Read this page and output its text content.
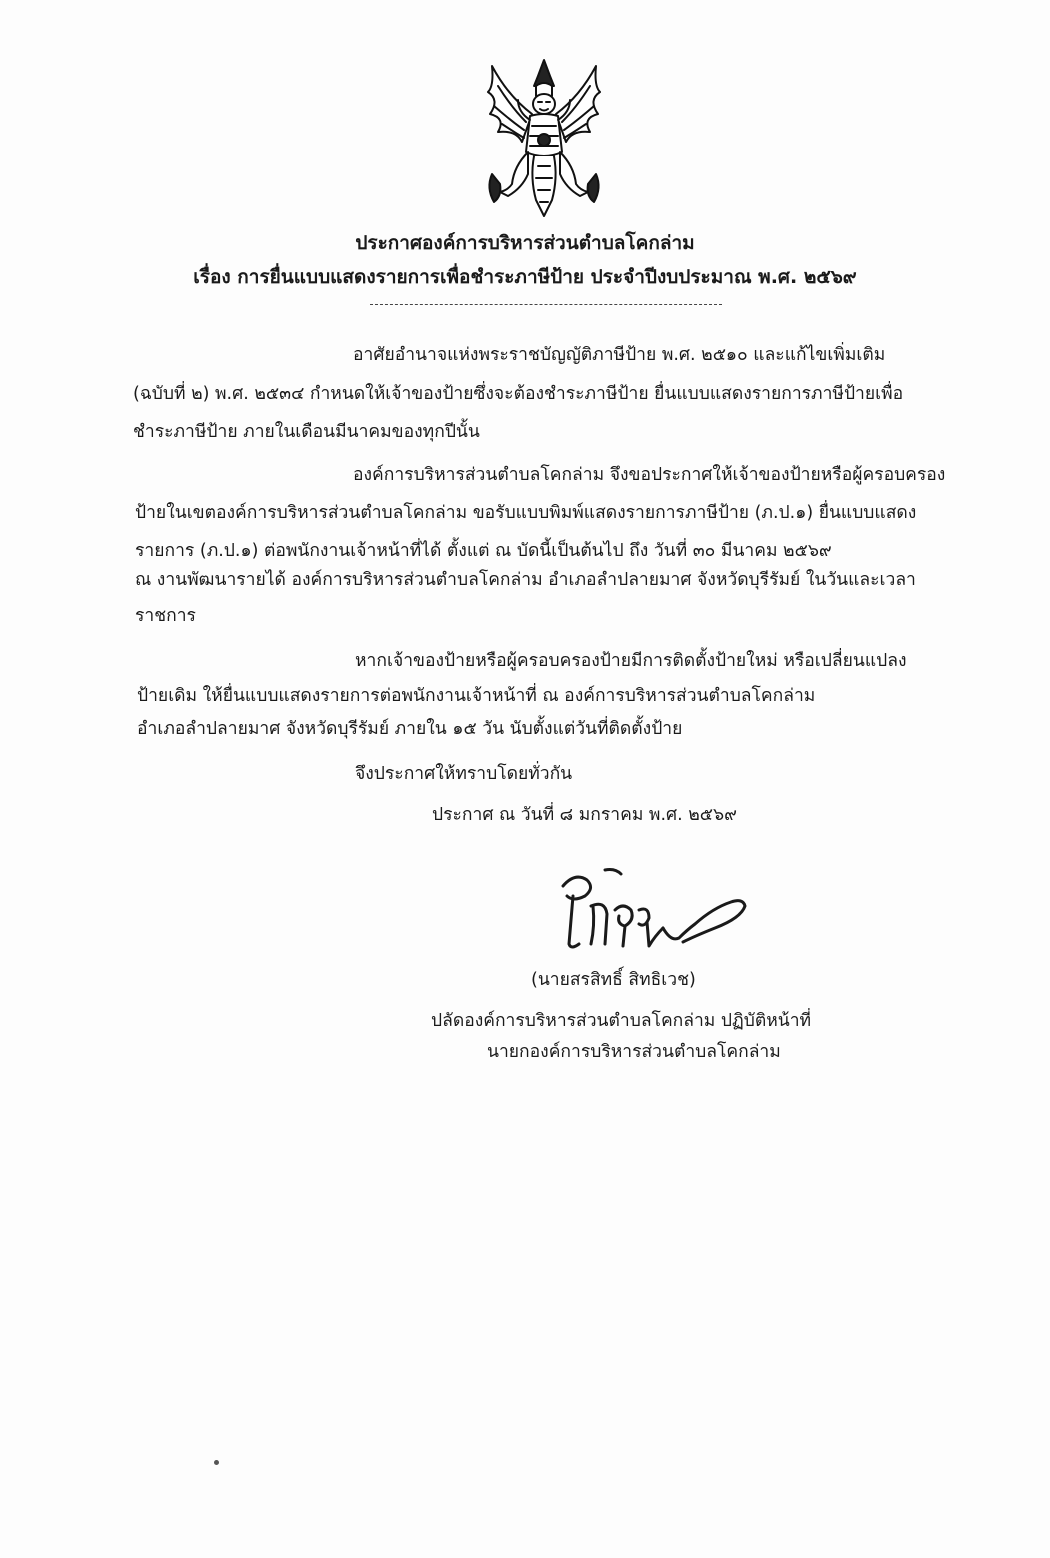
ประกาศองค์การบริหารส่วนตำบลโคกล่าม
เรื่อง การยื่นแบบแสดงรายการเพื่อชำระภาษีป้าย ประจำปีงบประมาณ พ.ศ. ๒๕๖๙
อาศัยอำนาจแห่งพระราชบัญญัติภาษีป้าย พ.ศ. ๒๕๑๐ และแก้ไขเพิ่มเติม
(ฉบับที่ ๒) พ.ศ. ๒๕๓๔ กำหนดให้เจ้าของป้ายซึ่งจะต้องชำระภาษีป้าย ยื่นแบบแสดงรายการภาษีป้ายเพื่อ
ชำระภาษีป้าย ภายในเดือนมีนาคมของทุกปีนั้น
องค์การบริหารส่วนตำบลโคกล่าม จึงขอประกาศให้เจ้าของป้ายหรือผู้ครอบครอง
ป้ายในเขตองค์การบริหารส่วนตำบลโคกล่าม ขอรับแบบพิมพ์แสดงรายการภาษีป้าย (ภ.ป.๑) ยื่นแบบแสดง
รายการ (ภ.ป.๑) ต่อพนักงานเจ้าหน้าที่ได้ ตั้งแต่ ณ บัดนี้เป็นต้นไป ถึง วันที่ ๓๐ มีนาคม ๒๕๖๙
ณ งานพัฒนารายได้ องค์การบริหารส่วนตำบลโคกล่าม อำเภอลำปลายมาศ จังหวัดบุรีรัมย์ ในวันและเวลา
ราชการ
หากเจ้าของป้ายหรือผู้ครอบครองป้ายมีการติดตั้งป้ายใหม่ หรือเปลี่ยนแปลง
ป้ายเดิม ให้ยื่นแบบแสดงรายการต่อพนักงานเจ้าหน้าที่ ณ องค์การบริหารส่วนตำบลโคกล่าม
อำเภอลำปลายมาศ จังหวัดบุรีรัมย์ ภายใน ๑๕ วัน นับตั้งแต่วันที่ติดตั้งป้าย
จึงประกาศให้ทราบโดยทั่วกัน
ประกาศ ณ วันที่ ๘ มกราคม พ.ศ. ๒๕๖๙
(นายสรสิทธิ์ สิทธิเวช)
ปลัดองค์การบริหารส่วนตำบลโคกล่าม ปฏิบัติหน้าที่
นายกองค์การบริหารส่วนตำบลโคกล่าม
